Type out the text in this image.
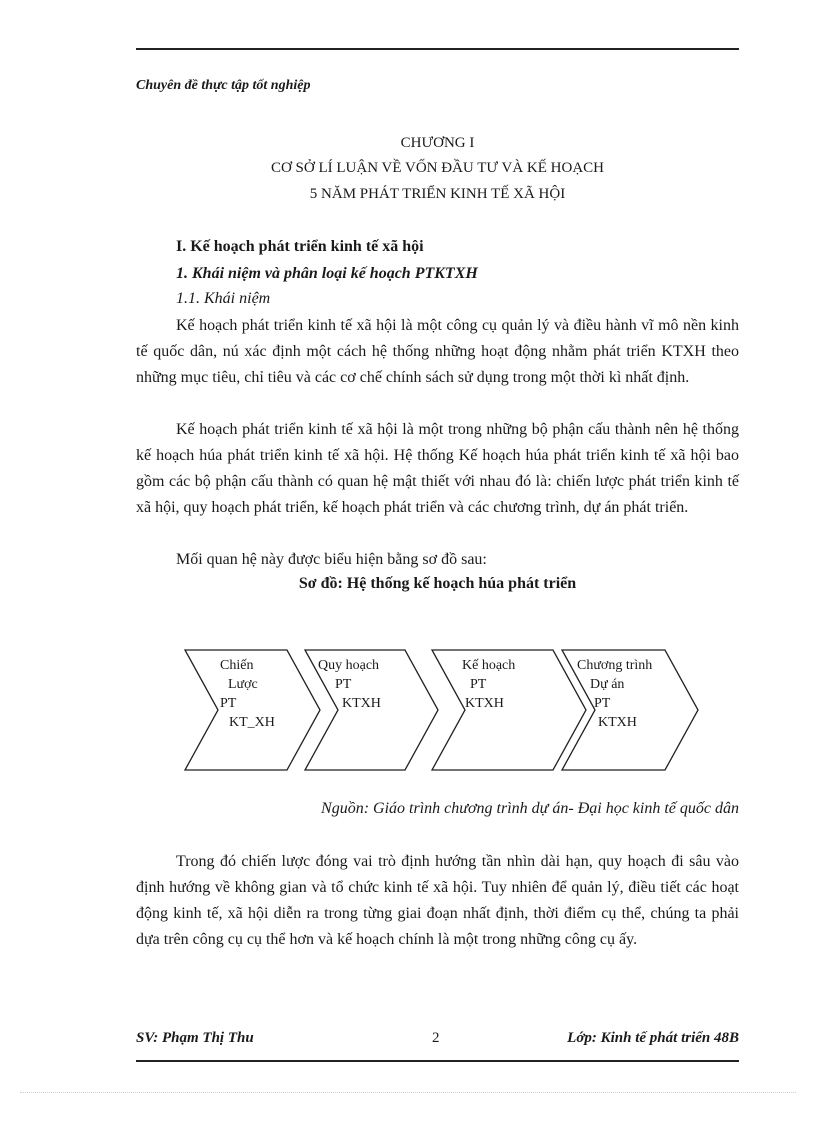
Chuyên đề thực tập tốt nghiệp

CHƯƠNG I

CƠ SỞ LÍ LUẬN VỀ VỐN ĐẦU TƯ VÀ KẾ HOẠCH

5 NĂM PHÁT TRIỂN KINH TẾ XÃ HỘI

I. Kế hoạch phát triển kinh tế xã hội

1. Khái niệm và phân loại kế hoạch PTKTXH

1.1. Khái niệm

Kế hoạch phát triển kinh tế xã hội là một công cụ quản lý và điều hành vĩ mô nền kinh tế quốc dân, nú xác định một cách hệ thống những hoạt động nhằm phát triển KTXH theo những mục tiêu, chỉ tiêu và các cơ chế chính sách sử dụng trong một thời kì nhất định.

Kế hoạch phát triển kinh tế xã hội là một trong những bộ phận cấu thành nên hệ thống kế hoạch húa phát triển kinh tế xã hội. Hệ thống Kế hoạch húa phát triển kinh tế xã hội bao gồm các bộ phận cấu thành có quan hệ mật thiết với nhau đó là: chiến lược phát triển kinh tế xã hội, quy hoạch phát triển, kế hoạch phát triển và các chương trình, dự án phát triển.

Mối quan hệ này được biểu hiện bằng sơ đồ sau:

Sơ đồ: Hệ thống kế hoạch húa phát triển

Chiến
Lược
PT
KT_XH
Quy hoạch
PT
KTXH
Kế hoạch
PT
KTXH
Chương trình
Dự án
PT
KTXH

Nguồn: Giáo trình chương trình dự án- Đại học kinh tế quốc dân

Trong đó chiến lược đóng vai trò định hướng tần nhìn dài hạn, quy hoạch đi sâu vào định hướng về không gian và tổ chức kinh tế xã hội. Tuy nhiên để quản lý, điều tiết các hoạt động kinh tế, xã hội diễn ra trong từng giai đoạn nhất định, thời điểm cụ thể, chúng ta phải dựa trên công cụ cụ thể hơn và kế hoạch chính là một trong những công cụ ấy.

SV: Phạm Thị Thu	2	Lớp: Kinh tế phát triển 48B
